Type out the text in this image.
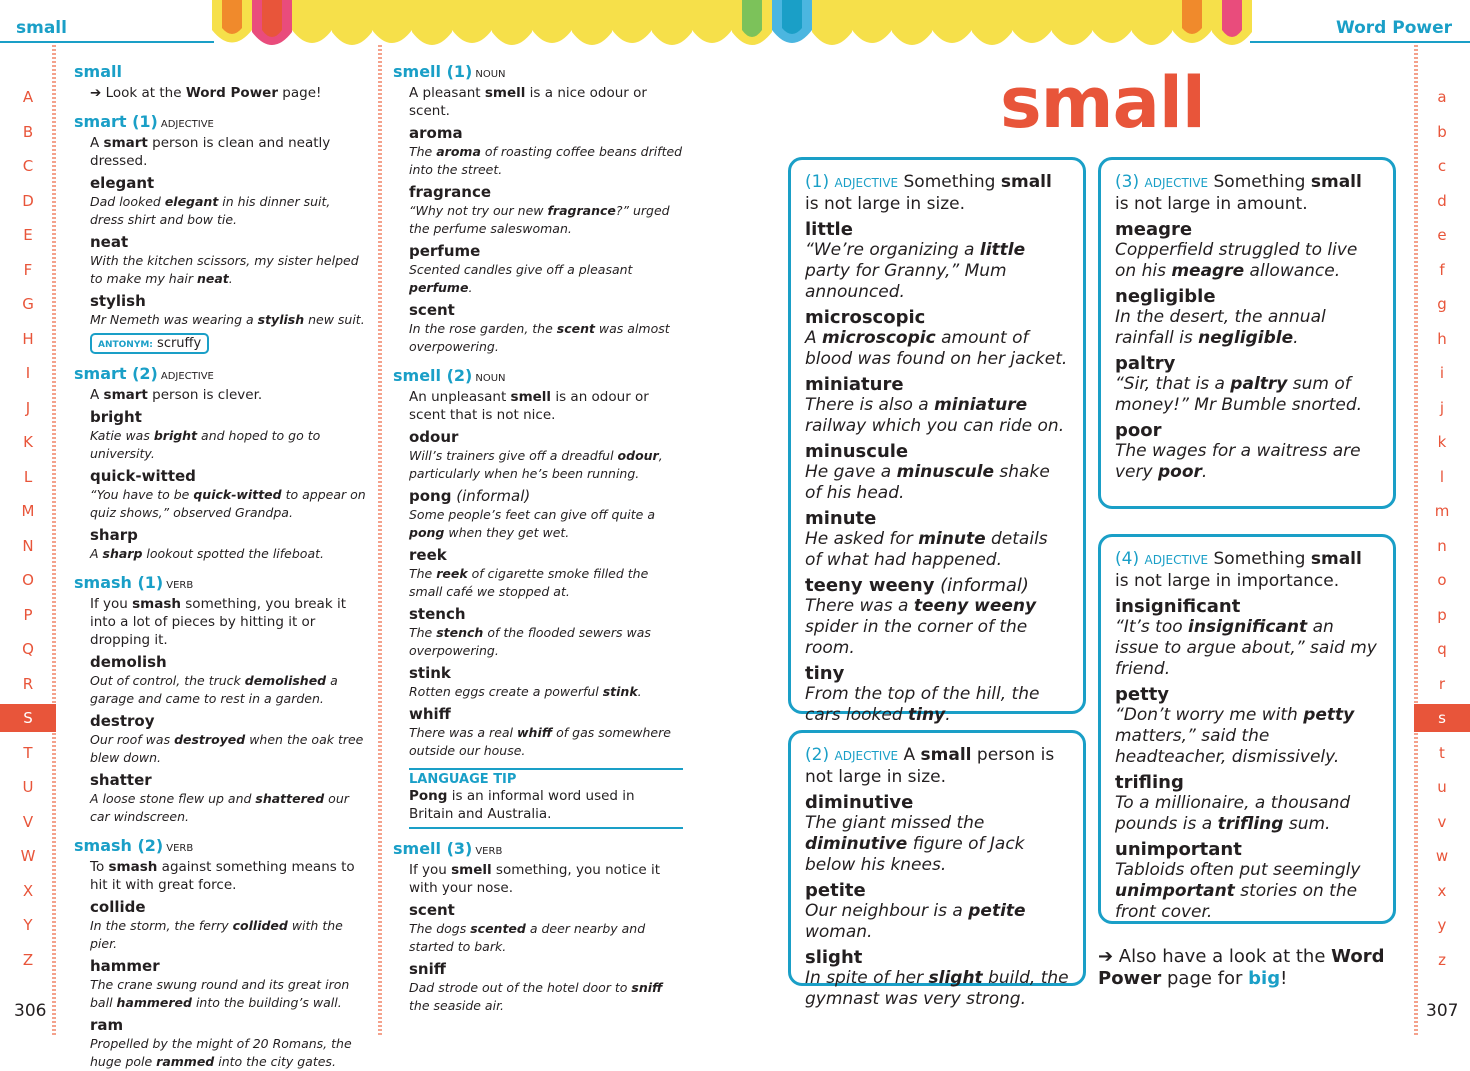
small	Word Power
A
B
C
D
E
F
G
H
I
J
K
L
M
N
O
P
Q
R
S
T
U
V
W
X
Y
Z
306
a
b
c
d
e
f
g
h
i
j
k
l
m
n
o
p
q
r
s
t
u
v
w
x
y
z
307

small

➔ Look at the Word Power page!

smart (1) ADJECTIVE

A smart person is clean and neatly dressed.

elegant

Dad looked elegant in his dinner suit, dress shirt and bow tie.

neat

With the kitchen scissors, my sister helped to make my hair neat.

stylish

Mr Nemeth was wearing a stylish new suit.

ANTONYM: scruffy

smart (2) ADJECTIVE

A smart person is clever.

bright

Katie was bright and hoped to go to university.

quick-witted

“You have to be quick-witted to appear on quiz shows,” observed Grandpa.

sharp

A sharp lookout spotted the lifeboat.

smash (1) VERB

If you smash something, you break it into a lot of pieces by hitting it or dropping it.

demolish

Out of control, the truck demolished a garage and came to rest in a garden.

destroy

Our roof was destroyed when the oak tree blew down.

shatter

A loose stone flew up and shattered our car windscreen.

smash (2) VERB

To smash against something means to hit it with great force.

collide

In the storm, the ferry collided with the pier.

hammer

The crane swung round and its great iron ball hammered into the building’s wall.

ram

Propelled by the might of 20 Romans, the huge pole rammed into the city gates.

smell (1) NOUN

A pleasant smell is a nice odour or scent.

aroma

The aroma of roasting coffee beans drifted into the street.

fragrance

“Why not try our new fragrance?” urged the perfume saleswoman.

perfume

Scented candles give off a pleasant perfume.

scent

In the rose garden, the scent was almost overpowering.

smell (2) NOUN

An unpleasant smell is an odour or scent that is not nice.

odour

Will’s trainers give off a dreadful odour, particularly when he’s been running.

pong (informal)

Some people’s feet can give off quite a pong when they get wet.

reek

The reek of cigarette smoke filled the small café we stopped at.

stench

The stench of the flooded sewers was overpowering.

stink

Rotten eggs create a powerful stink.

whiff

There was a real whiff of gas somewhere outside our house.

LANGUAGE TIP
Pong is an informal word used in Britain and Australia.

smell (3) VERB

If you smell something, you notice it with your nose.

scent

The dogs scented a deer nearby and started to bark.

sniff

Dad strode out of the hotel door to sniff the seaside air.

small
(1) ADJECTIVE Something small is not large in size.
little
“We’re organizing a little party for Granny,” Mum announced.
microscopic
A microscopic amount of blood was found on her jacket.
miniature
There is also a miniature railway which you can ride on.
minuscule
He gave a minuscule shake of his head.
minute
He asked for minute details of what had happened.
teeny weeny (informal)
There was a teeny weeny spider in the corner of the room.
tiny
From the top of the hill, the cars looked tiny.
(2) ADJECTIVE A small person is not large in size.
diminutive
The giant missed the diminutive figure of Jack below his knees.
petite
Our neighbour is a petite woman.
slight
In spite of her slight build, the gymnast was very strong.
(3) ADJECTIVE Something small is not large in amount.
meagre
Copperfield struggled to live on his meagre allowance.
negligible
In the desert, the annual rainfall is negligible.
paltry
“Sir, that is a paltry sum of money!” Mr Bumble snorted.
poor
The wages for a waitress are very poor.
(4) ADJECTIVE Something small is not large in importance.
insignificant
“It’s too insignificant an issue to argue about,” said my friend.
petty
“Don’t worry me with petty matters,” said the headteacher, dismissively.
trifling
To a millionaire, a thousand pounds is a trifling sum.
unimportant
Tabloids often put seemingly unimportant stories on the front cover.
➔ Also have a look at the Word Power page for big!
